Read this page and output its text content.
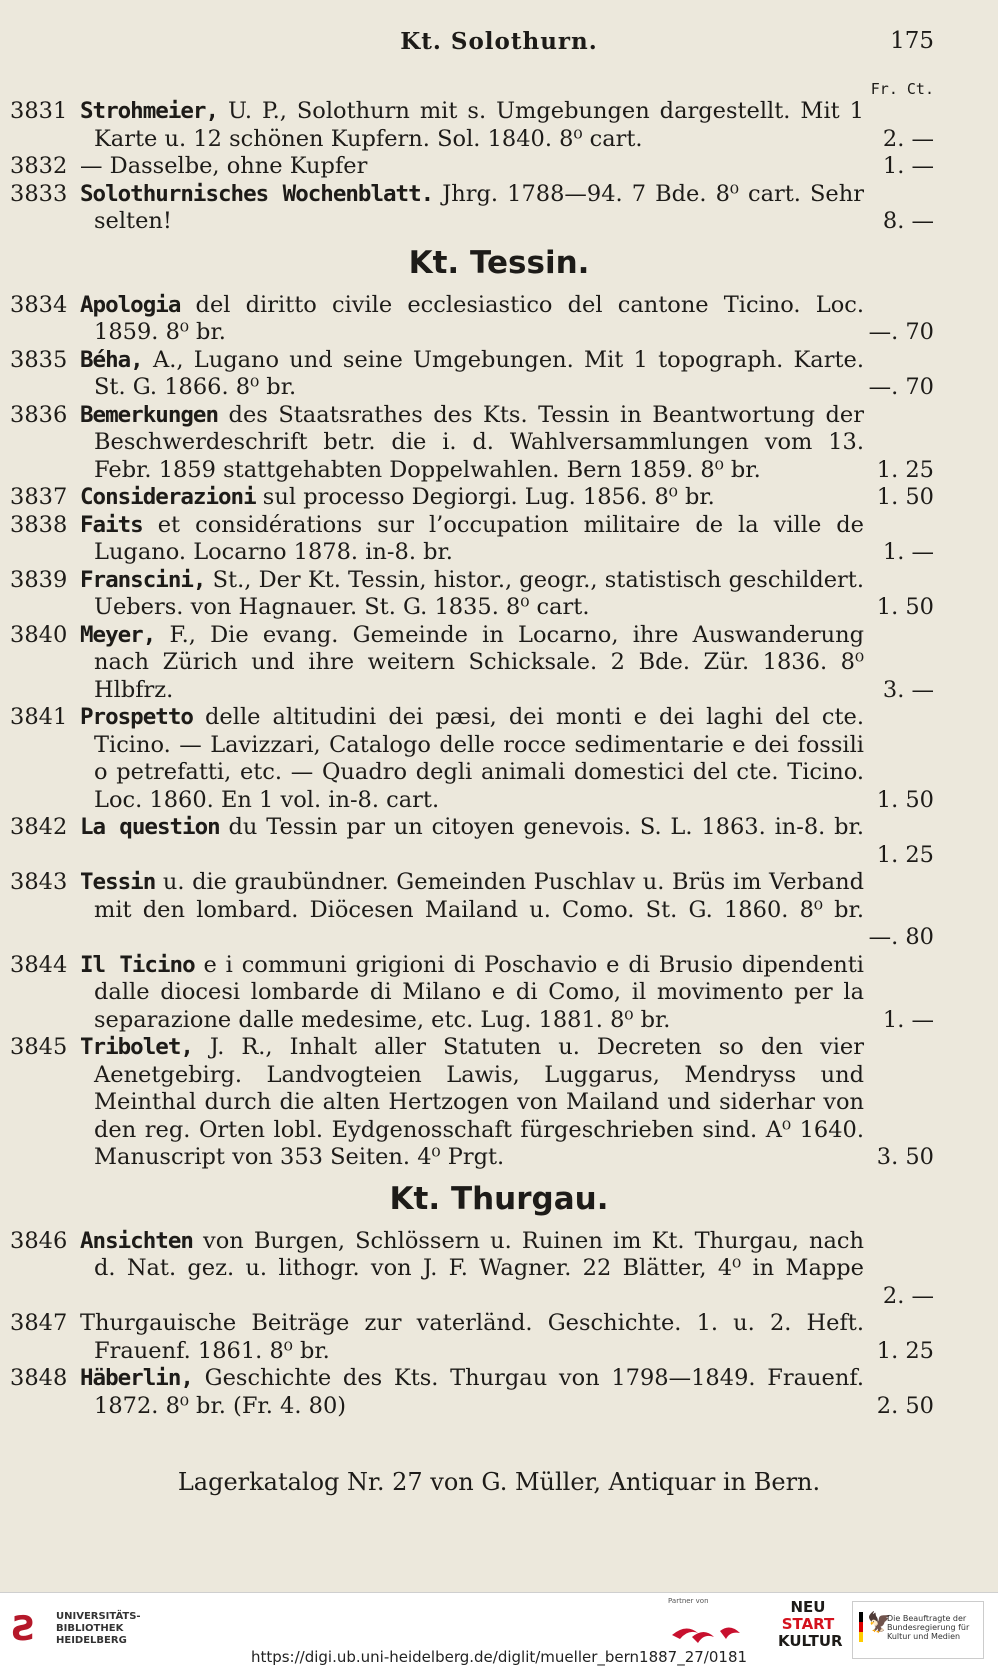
Kt. Solothurn.	175
Fr. Ct.
3831 Strohmeier, U. P., Solothurn mit s. Umgebungen dargestellt. Mit 1 Karte u. 12 schönen Kupfern. Sol. 1840. 8⁰ cart.	2. —
3832 — Dasselbe, ohne Kupfer	1. —
3833 Solothurnisches Wochenblatt. Jhrg. 1788—94. 7 Bde. 8⁰ cart. Sehr selten!	8. —
Kt. Tessin.
3834 Apologia del diritto civile ecclesiastico del cantone Ticino. Loc. 1859. 8⁰ br.	—. 70
3835 Béha, A., Lugano und seine Umgebungen. Mit 1 topograph. Karte. St. G. 1866. 8⁰ br.	—. 70
3836 Bemerkungen des Staatsrathes des Kts. Tessin in Beantwortung der Beschwerdeschrift betr. die i. d. Wahlversammlungen vom 13. Febr. 1859 stattgehabten Doppelwahlen. Bern 1859. 8⁰ br.	1. 25
3837 Considerazioni sul processo Degiorgi. Lug. 1856. 8⁰ br.	1. 50
3838 Faits et considérations sur l’occupation militaire de la ville de Lugano. Locarno 1878. in-8. br.	1. —
3839 Franscini, St., Der Kt. Tessin, histor., geogr., statistisch geschildert. Uebers. von Hagnauer. St. G. 1835. 8⁰ cart.	1. 50
3840 Meyer, F., Die evang. Gemeinde in Locarno, ihre Auswanderung nach Zürich und ihre weitern Schicksale. 2 Bde. Zür. 1836. 8⁰ Hlbfrz.	3. —
3841 Prospetto delle altitudini dei pæsi, dei monti e dei laghi del cte. Ticino. — Lavizzari, Catalogo delle rocce sedimentarie e dei fossili o petrefatti, etc. — Quadro degli animali domestici del cte. Ticino. Loc. 1860. En 1 vol. in-8. cart.	1. 50
3842 La question du Tessin par un citoyen genevois. S. L. 1863. in-8. br.
1. 25
3843 Tessin u. die graubündner. Gemeinden Puschlav u. Brüs im Verband mit den lombard. Diöcesen Mailand u. Como. St. G. 1860. 8⁰ br.
—. 80
3844 Il Ticino e i communi grigioni di Poschavio e di Brusio dipendenti dalle diocesi lombarde di Milano e di Como, il movimento per la separazione dalle medesime, etc. Lug. 1881. 8⁰ br.	1. —
3845 Tribolet, J. R., Inhalt aller Statuten u. Decreten so den vier Aenetgebirg. Landvogteien Lawis, Luggarus, Mendryss und Meinthal durch die alten Hertzogen von Mailand und siderhar von den reg. Orten lobl. Eydgenosschaft fürgeschrieben sind. A⁰ 1640. Manuscript von 353 Seiten. 4⁰ Prgt.	3. 50
Kt. Thurgau.
3846 Ansichten von Burgen, Schlössern u. Ruinen im Kt. Thurgau, nach d. Nat. gez. u. lithogr. von J. F. Wagner. 22 Blätter, 4⁰ in Mappe
2. —
3847 Thurgauische Beiträge zur vaterländ. Geschichte. 1. u. 2. Heft. Frauenf. 1861. 8⁰ br.	1. 25
3848 Häberlin, Geschichte des Kts. Thurgau von 1798—1849. Frauenf. 1872. 8⁰ br. (Fr. 4. 80)	2. 50
Lagerkatalog Nr. 27 von G. Müller, Antiquar in Bern.
Ƨ	UNIVERSITÄTS-
BIBLIOTHEK
HEIDELBERG
Partner von	NEU
START
KULTUR
🦅
Die Beauftragte der Bundesregierung für Kultur und Medien
https://digi.ub.uni-heidelberg.de/diglit/mueller_bern1887_27/0181
